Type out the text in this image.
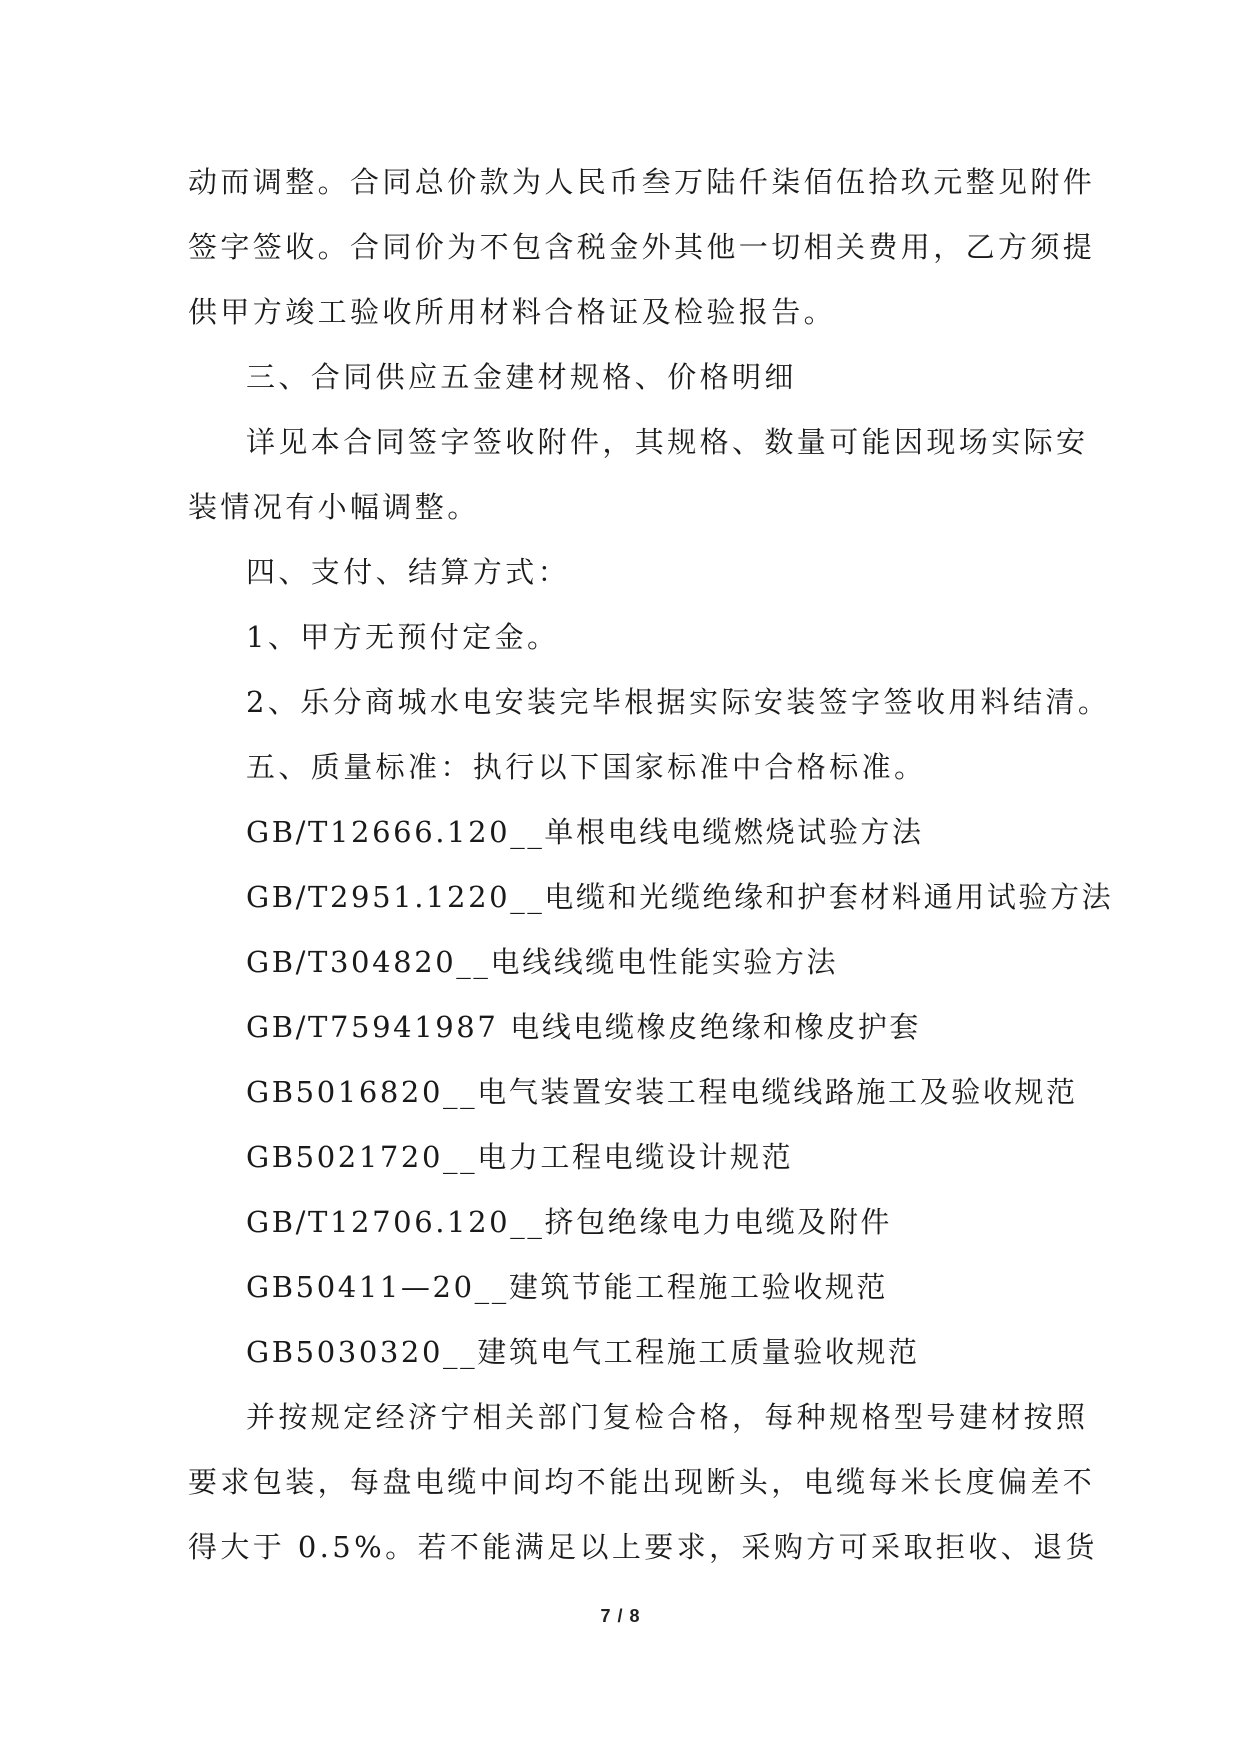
动而调整。合同总价款为人民币叁万陆仟柒佰伍拾玖元整见附件
签字签收。合同价为不包含税金外其他一切相关费用，乙方须提
供甲方竣工验收所用材料合格证及检验报告。
三、合同供应五金建材规格、价格明细
详见本合同签字签收附件，其规格、数量可能因现场实际安
装情况有小幅调整。
四、支付、结算方式：
1、甲方无预付定金。
2、乐分商城水电安装完毕根据实际安装签字签收用料结清。
五、质量标准：执行以下国家标准中合格标准。
GB/T12666.120__单根电线电缆燃烧试验方法
GB/T2951.1220__电缆和光缆绝缘和护套材料通用试验方法
GB/T304820__电线线缆电性能实验方法
GB/T75941987 电线电缆橡皮绝缘和橡皮护套
GB5016820__电气装置安装工程电缆线路施工及验收规范
GB5021720__电力工程电缆设计规范
GB/T12706.120__挤包绝缘电力电缆及附件
GB50411—20__建筑节能工程施工验收规范
GB5030320__建筑电气工程施工质量验收规范
并按规定经济宁相关部门复检合格，每种规格型号建材按照
要求包装，每盘电缆中间均不能出现断头，电缆每米长度偏差不
得大于 0.5%。若不能满足以上要求，采购方可采取拒收、退货
7 / 8
